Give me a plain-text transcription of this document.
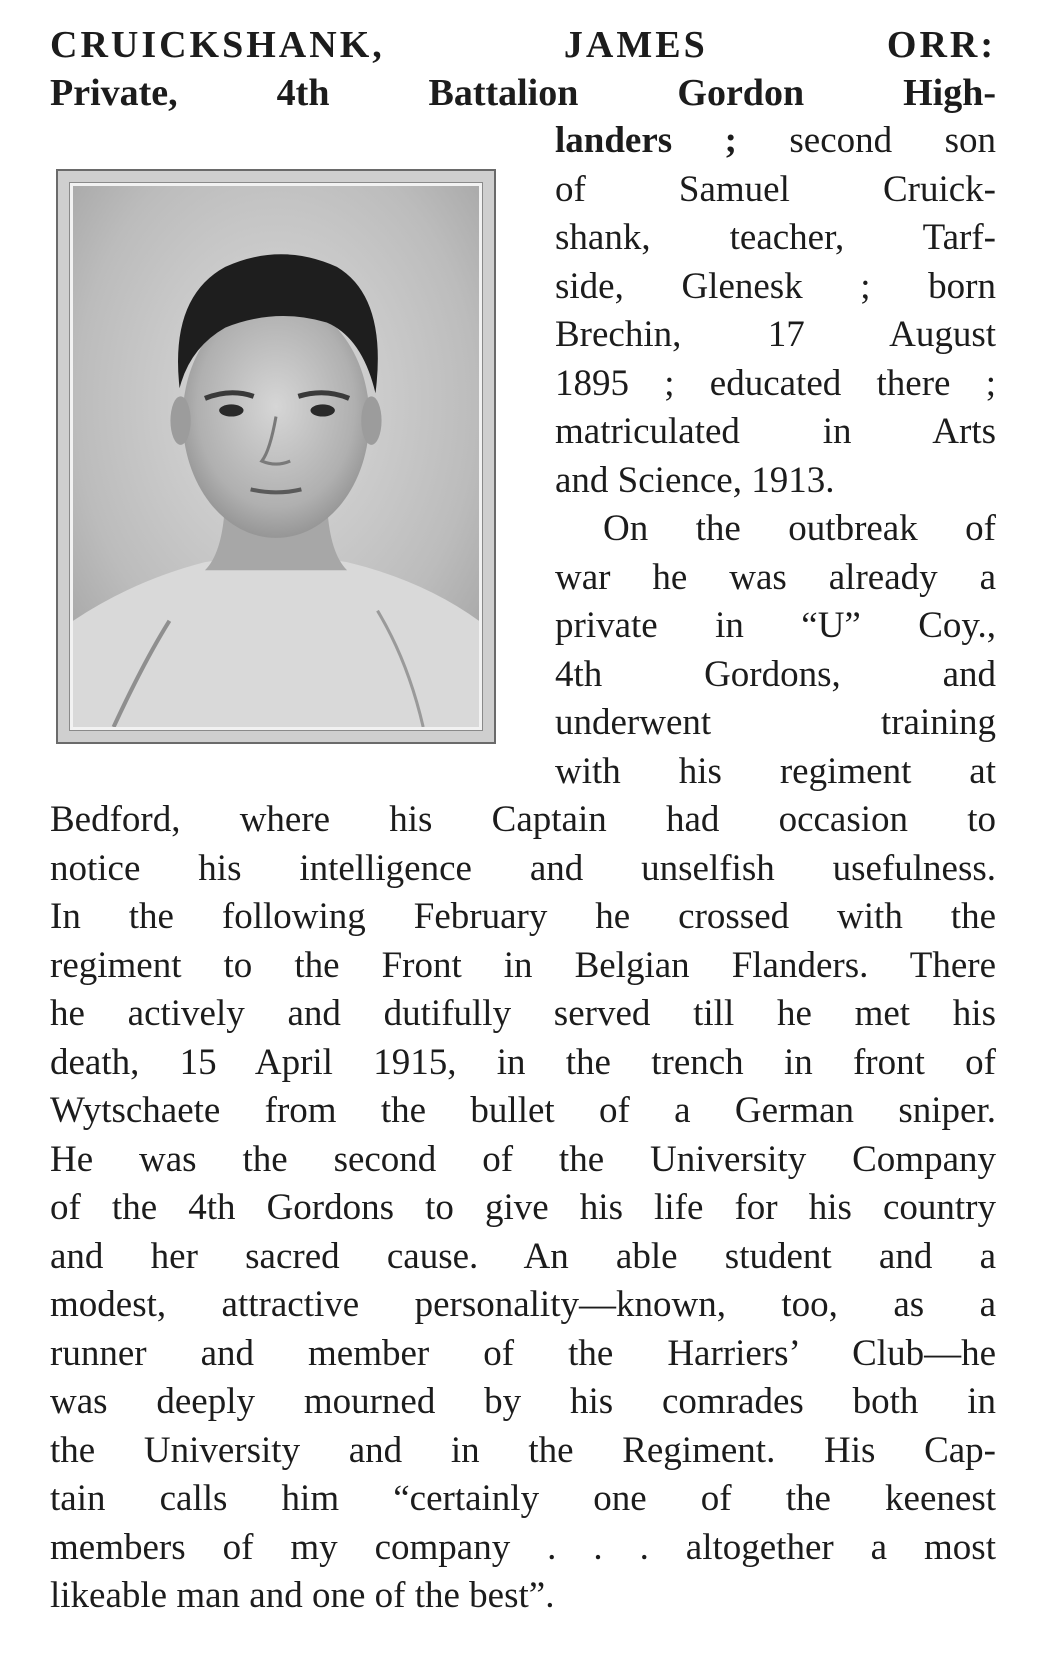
CRUICKSHANK, JAMES ORR:
Private, 4th Battalion Gordon High-
landers ; second son
of Samuel Cruick-
shank, teacher, Tarf-
side, Glenesk ; born
Brechin, 17 August
1895 ; educated there ;
matriculated in Arts
and Science, 1913.
On the outbreak of
war he was already a
private in “U” Coy.,
4th Gordons, and
underwent training
with his regiment at
Bedford, where his Captain had occasion to
notice his intelligence and unselfish usefulness.
In the following February he crossed with the
regiment to the Front in Belgian Flanders. There
he actively and dutifully served till he met his
death, 15 April 1915, in the trench in front of
Wytschaete from the bullet of a German sniper.
He was the second of the University Company
of the 4th Gordons to give his life for his country
and her sacred cause. An able student and a
modest, attractive personality—known, too, as a
runner and member of the Harriers’ Club—he
was deeply mourned by his comrades both in
the University and in the Regiment. His Cap-
tain calls him “certainly one of the keenest
members of my company . . . altogether a most
likeable man and one of the best”.
